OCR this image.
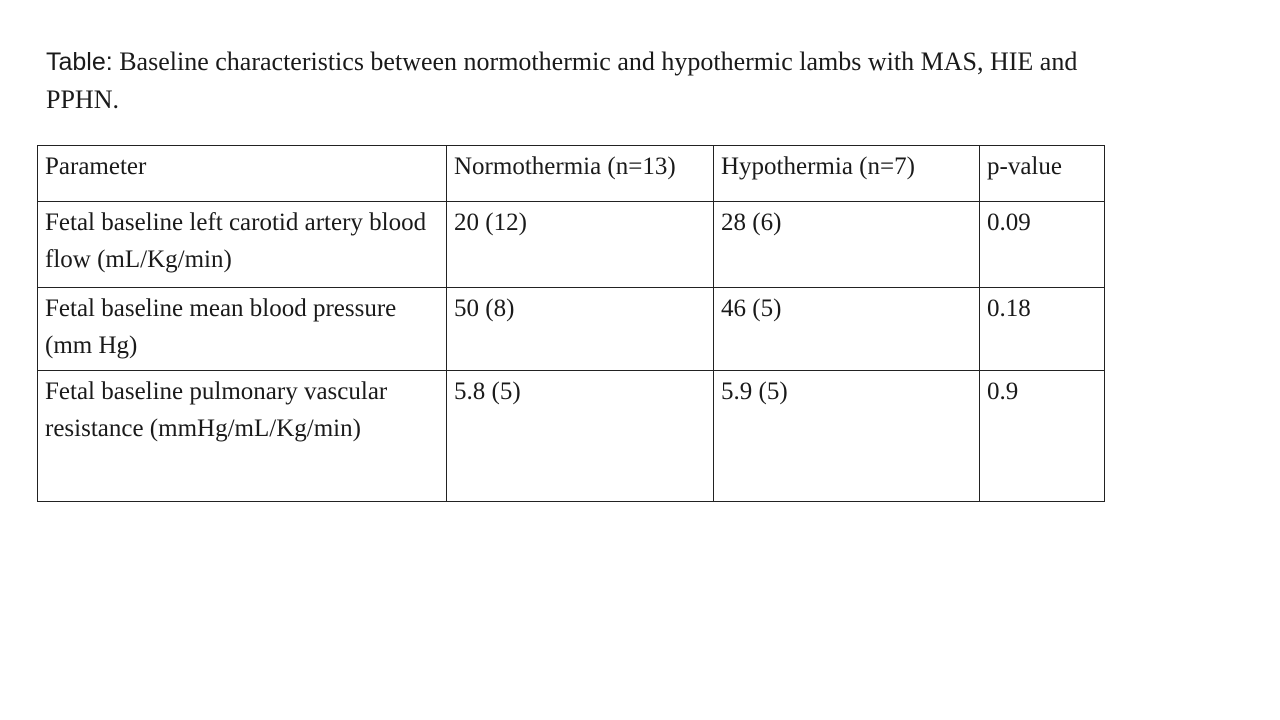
Table: Baseline characteristics between normothermic and hypothermic lambs with MAS, HIE and PPHN.
Parameter	Normothermia (n=13)	Hypothermia (n=7)	p-value
Fetal baseline left carotid artery blood flow (mL/Kg/min)	20 (12)	28 (6)	0.09
Fetal baseline mean blood pressure (mm Hg)	50 (8)	46 (5)	0.18
Fetal baseline pulmonary vascular resistance (mmHg/mL/Kg/min)	5.8 (5)	5.9 (5)	0.9
